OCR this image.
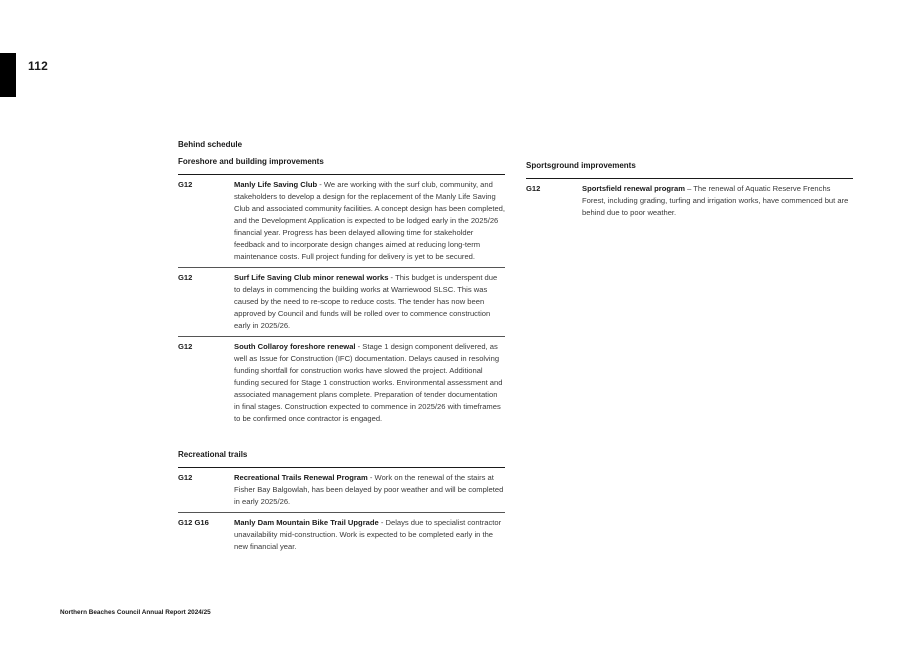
112
Behind schedule
Foreshore and building improvements
G12	Manly Life Saving Club - We are working with the surf club, community, and stakeholders to develop a design for the replacement of the Manly Life Saving Club and associated community facilities. A concept design has been completed, and the Development Application is expected to be lodged early in the 2025/26 financial year. Progress has been delayed allowing time for stakeholder feedback and to incorporate design changes aimed at reducing long-term maintenance costs. Full project funding for delivery is yet to be secured.
G12	Surf Life Saving Club minor renewal works - This budget is underspent due to delays in commencing the building works at Warriewood SLSC. This was caused by the need to re-scope to reduce costs. The tender has now been approved by Council and funds will be rolled over to commence construction early in 2025/26.
G12	South Collaroy foreshore renewal - Stage 1 design component delivered, as well as Issue for Construction (IFC) documentation. Delays caused in resolving funding shortfall for construction works have slowed the project. Additional funding secured for Stage 1 construction works. Environmental assessment and associated management plans complete. Preparation of tender documentation in final stages. Construction expected to commence in 2025/26 with timeframes to be confirmed once contractor is engaged.
Recreational trails
G12	Recreational Trails Renewal Program - Work on the renewal of the stairs at Fisher Bay Balgowlah, has been delayed by poor weather and will be completed in early 2025/26.
G12 G16	Manly Dam Mountain Bike Trail Upgrade - Delays due to specialist contractor unavailability mid-construction. Work is expected to be completed early in the new financial year.
Sportsground improvements
G12	Sportsfield renewal program – The renewal of Aquatic Reserve Frenchs Forest, including grading, turfing and irrigation works, have commenced but are behind due to poor weather.
Northern Beaches Council Annual Report 2024/25
